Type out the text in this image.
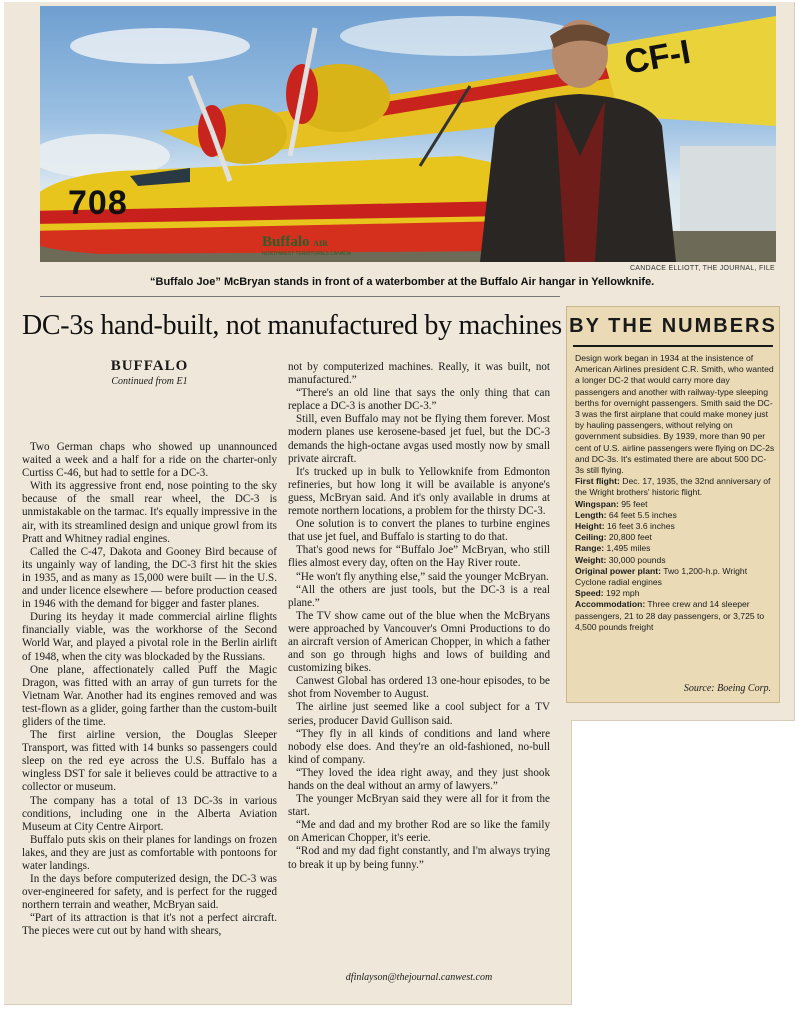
708
CF-I
Buffalo AIR
NORTHWEST TERRITORIES CANADA
CANDACE ELLIOTT, THE JOURNAL, FILE
“Buffalo Joe” McBryan stands in front of a waterbomber at the Buffalo Air hangar in Yellowknife.
DC-3s hand-built, not manufactured by machines
BUFFALO
Continued from E1

Two German chaps who showed up unannounced waited a week and a half for a ride on the charter-only Curtiss C-46, but had to settle for a DC-3.

With its aggressive front end, nose pointing to the sky because of the small rear wheel, the DC-3 is unmistakable on the tarmac. It's equally impressive in the air, with its streamlined design and unique growl from its Pratt and Whitney radial engines.

Called the C-47, Dakota and Gooney Bird because of its ungainly way of landing, the DC-3 first hit the skies in 1935, and as many as 15,000 were built — in the U.S. and under licence elsewhere — before production ceased in 1946 with the demand for bigger and faster planes.

During its heyday it made commercial airline flights financially viable, was the workhorse of the Second World War, and played a pivotal role in the Berlin airlift of 1948, when the city was blockaded by the Russians.

One plane, affectionately called Puff the Magic Dragon, was fitted with an array of gun turrets for the Vietnam War. Another had its engines removed and was test-flown as a glider, going farther than the custom-built gliders of the time.

The first airline version, the Douglas Sleeper Transport, was fitted with 14 bunks so passengers could sleep on the red eye across the U.S. Buffalo has a wingless DST for sale it believes could be attractive to a collector or museum.

The company has a total of 13 DC-3s in various conditions, including one in the Alberta Aviation Museum at City Centre Airport.

Buffalo puts skis on their planes for landings on frozen lakes, and they are just as comfortable with pontoons for water landings.

In the days before computerized design, the DC-3 was over-engineered for safety, and is perfect for the rugged northern terrain and weather, McBryan said.

“Part of its attraction is that it's not a perfect aircraft. The pieces were cut out by hand with shears,

not by computerized machines. Really, it was built, not manufactured.”

“There's an old line that says the only thing that can replace a DC-3 is another DC-3.”

Still, even Buffalo may not be flying them forever. Most modern planes use kerosene-based jet fuel, but the DC-3 demands the high-octane avgas used mostly now by small private aircraft.

It's trucked up in bulk to Yellowknife from Edmonton refineries, but how long it will be available is anyone's guess, McBryan said. And it's only available in drums at remote northern locations, a problem for the thirsty DC-3.

One solution is to convert the planes to turbine engines that use jet fuel, and Buffalo is starting to do that.

That's good news for “Buffalo Joe” McBryan, who still flies almost every day, often on the Hay River route.

“He won't fly anything else,” said the younger McBryan.

“All the others are just tools, but the DC-3 is a real plane.”

The TV show came out of the blue when the McBryans were approached by Vancouver's Omni Productions to do an aircraft version of American Chopper, in which a father and son go through highs and lows of building and customizing bikes.

Canwest Global has ordered 13 one-hour episodes, to be shot from November to August.

The airline just seemed like a cool subject for a TV series, producer David Gullison said.

“They fly in all kinds of conditions and land where nobody else does. And they're an old-fashioned, no-bull kind of company.

“They loved the idea right away, and they just shook hands on the deal without an army of lawyers.”

The younger McBryan said they were all for it from the start.

“Me and dad and my brother Rod are so like the family on American Chopper, it's eerie.

“Rod and my dad fight constantly, and I'm always trying to break it up by being funny.”

dfinlayson@thejournal.canwest.com
BY THE NUMBERS

Design work began in 1934 at the insistence of American Airlines president C.R. Smith, who wanted a longer DC-2 that would carry more day passengers and another with railway-type sleeping berths for overnight passengers. Smith said the DC-3 was the first airplane that could make money just by hauling passengers, without relying on government subsidies. By 1939, more than 90 per cent of U.S. airline passengers were flying on DC-2s and DC-3s. It's estimated there are about 500 DC-3s still flying.

First flight: Dec. 17, 1935, the 32nd anniversary of the Wright brothers' historic flight.

Wingspan: 95 feet

Length: 64 feet 5.5 inches

Height: 16 feet 3.6 inches

Ceiling: 20,800 feet

Range: 1,495 miles

Weight: 30,000 pounds

Original power plant: Two 1,200-h.p. Wright Cyclone radial engines

Speed: 192 mph

Accommodation: Three crew and 14 sleeper passengers, 21 to 28 day passengers, or 3,725 to 4,500 pounds freight

Source: Boeing Corp.
